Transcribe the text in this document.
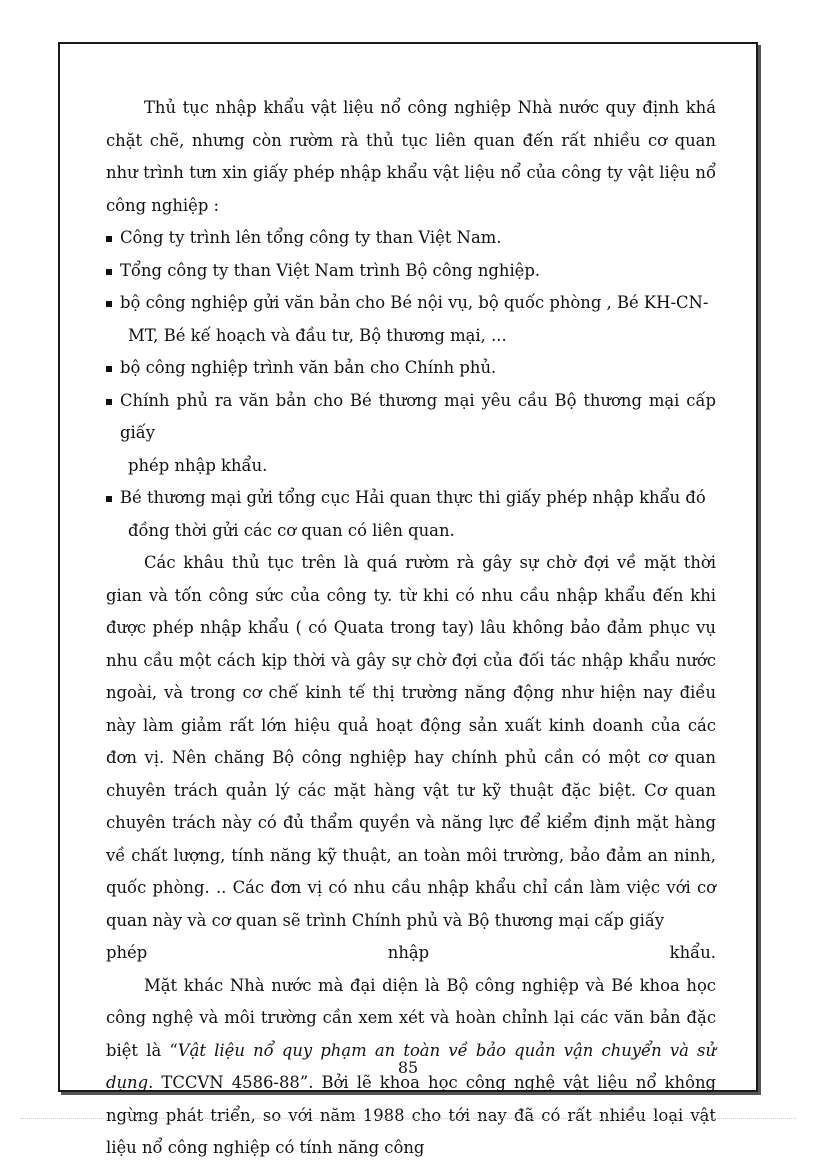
Thủ tục nhập khẩu vật liệu nổ công nghiệp Nhà nước quy định khá chặt chẽ, nhưng còn rườm rà thủ tục liên quan đến rất nhiều cơ quan như trình tưn xin giấy phép nhập khẩu vật liệu nổ của công ty vật liệu nổ công nghiệp :

Công ty trình lên tổng công ty than Việt Nam.
Tổng công ty than Việt Nam trình Bộ công nghiệp.
bộ công nghiệp gửi văn bản cho Bé nội vụ, bộ quốc phòng , Bé KH-CN-
MT, Bé kế hoạch và đầu tư, Bộ thương mại, ...
bộ công nghiệp trình văn bản cho Chính phủ.
Chính phủ ra văn bản cho Bé thương mại yêu cầu Bộ thương mại cấp giấy
phép nhập khẩu.
Bé thương mại gửi tổng cục Hải quan thực thi giấy phép nhập khẩu đó
đồng thời gửi các cơ quan có liên quan.

Các khâu thủ tục trên là quá rườm rà gây sự chờ đợi về mặt thời gian và tốn công sức của công ty. từ khi có nhu cầu nhập khẩu đến khi được phép nhập khẩu ( có Quata trong tay) lâu không bảo đảm phục vụ nhu cầu một cách kịp thời và gây sự chờ đợi của đối tác nhập khẩu nước ngoài, và trong cơ chế kinh tế thị trường năng động như hiện nay điều này làm giảm rất lớn hiệu quả hoạt động sản xuất kinh doanh của các đơn vị. Nên chăng Bộ công nghiệp hay chính phủ cần có một cơ quan chuyên trách quản lý các mặt hàng vật tư kỹ thuật đặc biệt. Cơ quan chuyên trách này có đủ thẩm quyền và năng lực để kiểm định mặt hàng về chất lượng, tính năng kỹ thuật, an toàn môi trường, bảo đảm an ninh, quốc phòng. .. Các đơn vị có nhu cầu nhập khẩu chỉ cần làm việc với cơ quan này và cơ quan sẽ trình Chính phủ và Bộ thương mại cấp giấy

phép	nhập	khẩu.

Mặt khác Nhà nước mà đại diện là Bộ công nghiệp và Bé khoa học công nghệ và môi trường cần xem xét và hoàn chỉnh lại các văn bản đặc biệt là “Vật liệu nổ quy phạm an toàn về bảo quản vận chuyển và sử dụng. TCCVN 4586-88”. Bởi lẽ khoa học công nghệ vật liệu nổ không ngừng phát triển, so với năm 1988 cho tới nay đã có rất nhiều loại vật liệu nổ công nghiệp có tính năng công

85
